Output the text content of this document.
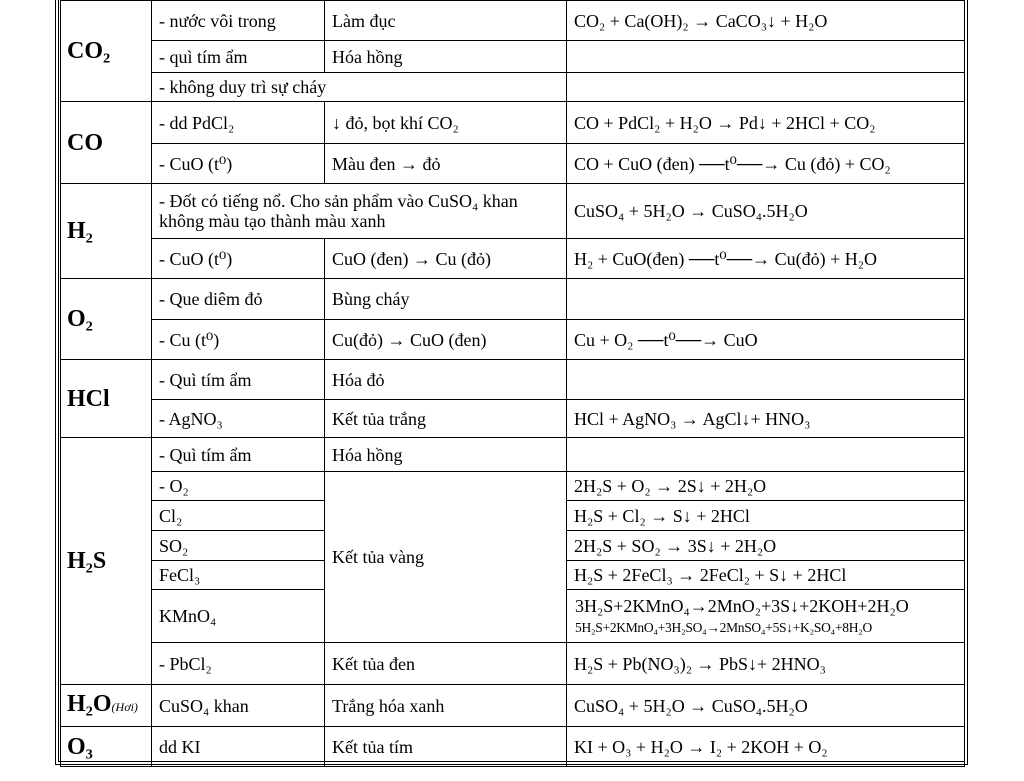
CO₂	- nước vôi trong	Làm đục	CO₂ + Ca(OH)₂ → CaCO₃↓ + H₂O
	- quì tím ẩm	Hóa hồng	
	- không duy trì sự cháy		
CO	- dd PdCl₂	↓ đỏ, bọt khí CO₂	CO + PdCl₂ + H₂O → Pd↓ + 2HCl + CO₂
	- CuO (t⁰)	Màu đen → đỏ	CO + CuO (đen) ──t⁰──→ Cu (đỏ) + CO₂
H₂	- Đốt có tiếng nổ. Cho sản phẩm vào CuSO₄ khan không màu tạo thành màu xanh		CuSO₄ + 5H₂O → CuSO₄.5H₂O
	- CuO (t⁰)	CuO (đen) → Cu (đỏ)	H₂ + CuO(đen) ──t⁰──→ Cu(đỏ) + H₂O
O₂	- Que diêm đỏ	Bùng cháy	
	- Cu (t⁰)	Cu(đỏ) → CuO (đen)	Cu + O₂ ──t⁰──→ CuO
HCl	- Quì tím ẩm	Hóa đỏ	
	- AgNO₃	Kết tủa trắng	HCl + AgNO₃ → AgCl↓+ HNO₃
H₂S	- Quì tím ẩm	Hóa hồng	
	- O₂	Kết tủa vàng	2H₂S + O₂ → 2S↓ + 2H₂O
	Cl₂		H₂S + Cl₂ → S↓ + 2HCl
	SO₂		2H₂S + SO₂ → 3S↓ + 2H₂O
	FeCl₃		H₂S + 2FeCl₃ → 2FeCl₂ + S↓ + 2HCl
	KMnO₄		3H₂S+2KMnO₄→2MnO₂+3S↓+2KOH+2H₂O
5H₂S+2KMnO₄+3H₂SO₄→2MnSO₄+5S↓+K₂SO₄+8H₂O

	- PbCl₂	Kết tủa đen	H₂S + Pb(NO₃)₂ → PbS↓+ 2HNO₃
H₂O(Hơi)	CuSO₄ khan	Trắng hóa xanh	CuSO₄ + 5H₂O → CuSO₄.5H₂O
O₃	dd KI	Kết tủa tím	KI + O₃ + H₂O → I₂ + 2KOH + O₂
